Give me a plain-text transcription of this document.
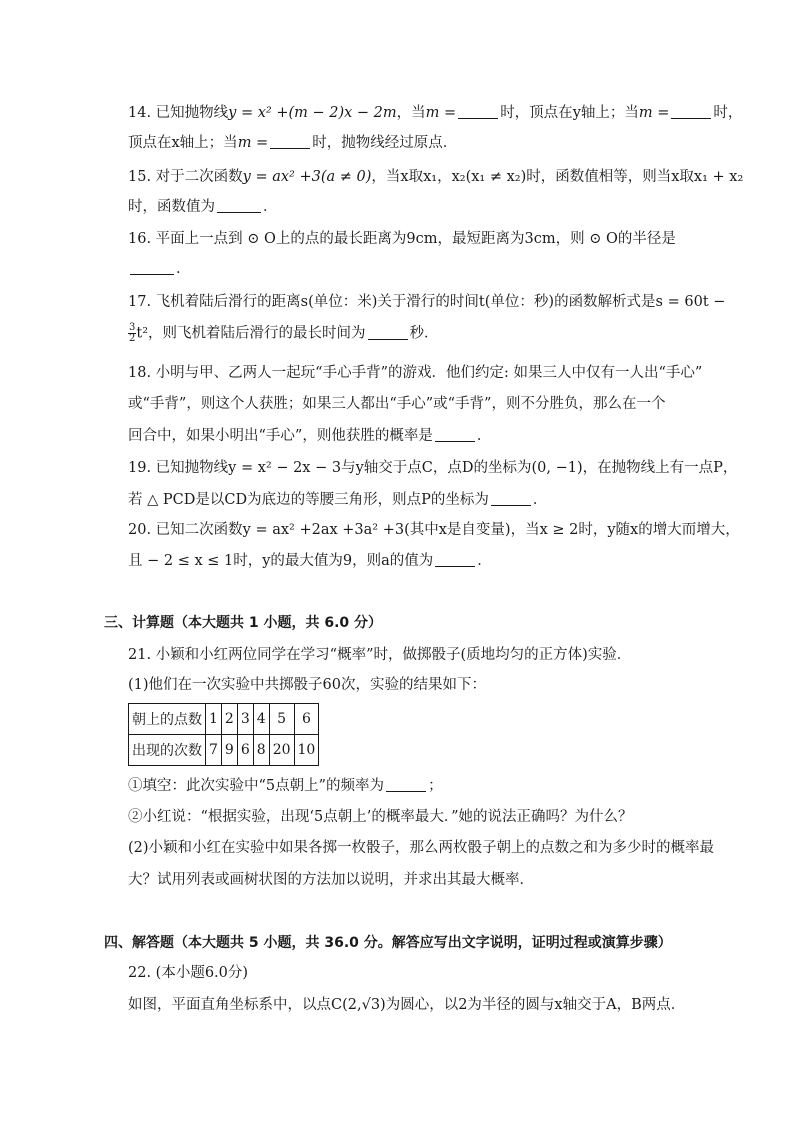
14. 已知抛物线y = x² +(m − 2)x − 2m，当m =	时，顶点在y轴上；当m =	时，
顶点在x轴上；当m =	时，抛物线经过原点．
15. 对于二次函数y = ax² +3(a ≠ 0)，当x取x₁，x₂(x₁ ≠ x₂)时，函数值相等，则当x取x₁ + x₂
时，函数值为	．
16. 平面上一点到 ⊙ O上的点的最长距离为9cm，最短距离为3cm，则 ⊙ O的半径是
．
17. 飞机着陆后滑行的距离s(单位：米)关于滑行的时间t(单位：秒)的函数解析式是s = 60t −
$\frac{3}{2} t^2$，则飞机着陆后滑行的最长时间为	秒．
18. 小明与甲、乙两人一起玩“手心手背”的游戏．他们约定: 如果三人中仅有一人出“手心”
或“手背”，则这个人获胜；如果三人都出“手心”或“手背”，则不分胜负，那么在一个
回合中，如果小明出“手心”，则他获胜的概率是	．
19. 已知抛物线y = x² − 2x − 3与y轴交于点C，点D的坐标为(0, −1)，在抛物线上有一点P，
若 △ PCD是以CD为底边的等腰三角形，则点P的坐标为	．
20. 已知二次函数y = ax² +2ax +3a² +3(其中x是自变量)，当x ≥ 2时，y随x的增大而增大，
且 − 2 ≤ x ≤ 1时，y的最大值为9，则a的值为	．
三、计算题（本大题共 1 小题，共 6.0 分）
21. 小颖和小红两位同学在学习“概率”时，做掷骰子(质地均匀的正方体)实验．
(1)他们在一次实验中共掷骰子60次，实验的结果如下：
朝上的点数	1	2	3	4	5	6
出现的次数	7	9	6	8	20	10
①填空：此次实验中“5点朝上”的频率为	；
②小红说：“根据实验，出现‘5点朝上’的概率最大．”她的说法正确吗？为什么？
(2)小颖和小红在实验中如果各掷一枚骰子，那么两枚骰子朝上的点数之和为多少时的概率最
大？试用列表或画树状图的方法加以说明，并求出其最大概率．
四、解答题（本大题共 5 小题，共 36.0 分。解答应写出文字说明，证明过程或演算步骤）
22. (本小题6.0分)
如图，平面直角坐标系中，以点C(2,√3)为圆心，以2为半径的圆与x轴交于A，B两点．
